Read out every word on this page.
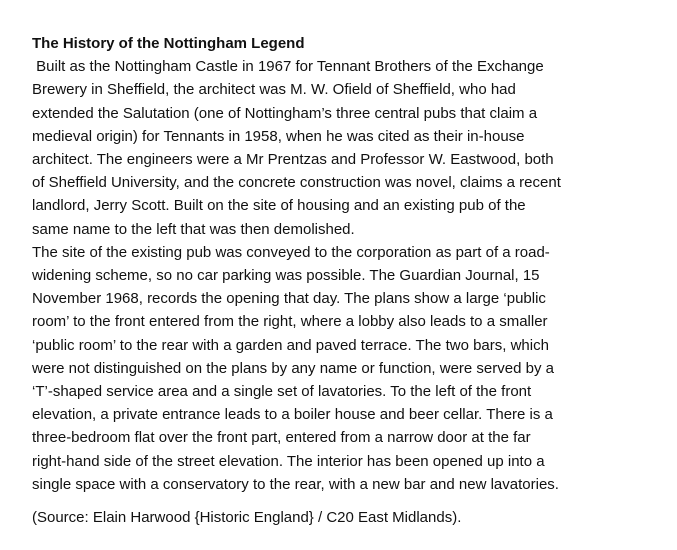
The History of the Nottingham Legend
Built as the Nottingham Castle in 1967 for Tennant Brothers of the Exchange
Brewery in Sheffield, the architect was M. W. Ofield of Sheffield, who had
extended the Salutation (one of Nottingham’s three central pubs that claim a
medieval origin) for Tennants in 1958, when he was cited as their in-house
architect. The engineers were a Mr Prentzas and Professor W. Eastwood, both
of Sheffield University, and the concrete construction was novel, claims a recent
landlord, Jerry Scott. Built on the site of housing and an existing pub of the
same name to the left that was then demolished.
The site of the existing pub was conveyed to the corporation as part of a road-
widening scheme, so no car parking was possible. The Guardian Journal, 15
November 1968, records the opening that day. The plans show a large ‘public
room’ to the front entered from the right, where a lobby also leads to a smaller
‘public room’ to the rear with a garden and paved terrace. The two bars, which
were not distinguished on the plans by any name or function, were served by a
‘T’-shaped service area and a single set of lavatories. To the left of the front
elevation, a private entrance leads to a boiler house and beer cellar. There is a
three-bedroom flat over the front part, entered from a narrow door at the far
right-hand side of the street elevation. The interior has been opened up into a
single space with a conservatory to the rear, with a new bar and new lavatories.
(Source: Elain Harwood {Historic England} / C20 East Midlands).
